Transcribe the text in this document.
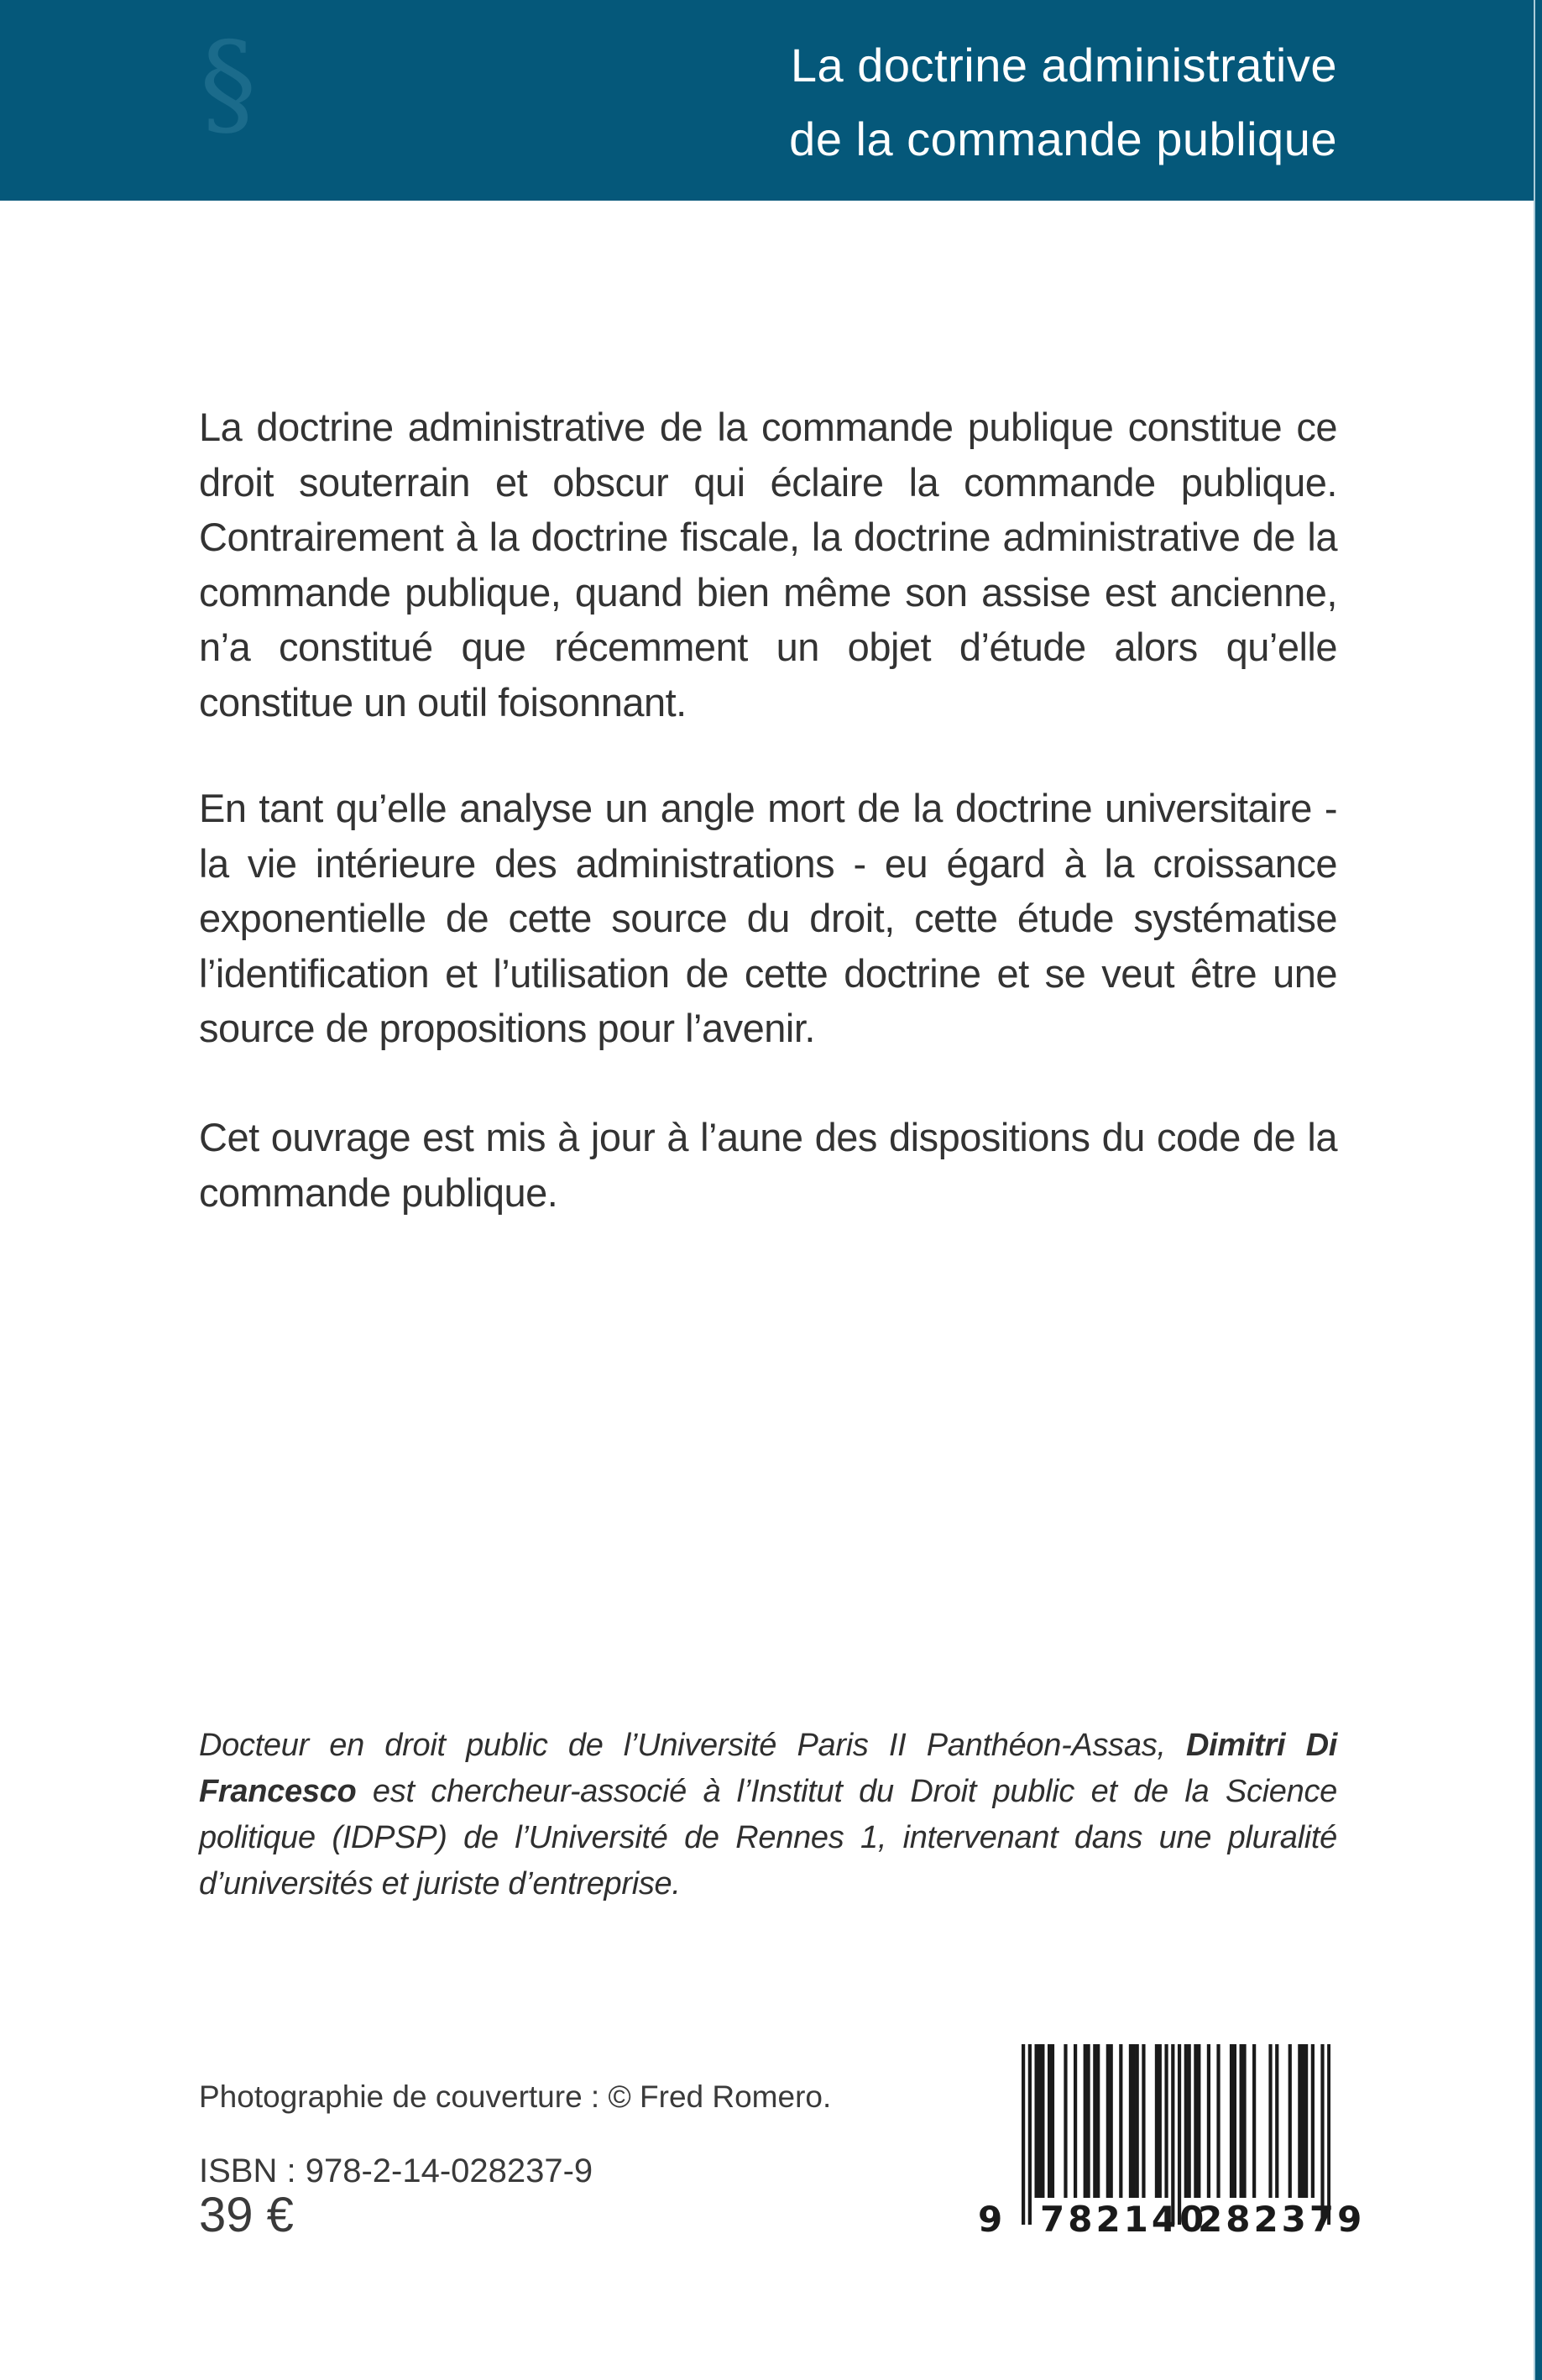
§	La doctrine administrative
de la commande publique

La doctrine administrative de la commande publique constitue ce droit souterrain et obscur qui éclaire la commande publique. Contrairement à la doctrine fiscale, la doctrine administrative de la commande publique, quand bien même son assise est ancienne, n’a constitué que récemment un objet d’étude alors qu’elle constitue un outil foisonnant.

En tant qu’elle analyse un angle mort de la doctrine universitaire - la vie intérieure des administrations - eu égard à la croissance exponentielle de cette source du droit, cette étude systématise l’identification et l’utilisation de cette doctrine et se veut être une source de propositions pour l’avenir.

Cet ouvrage est mis à jour à l’aune des dispositions du code de la commande publique.

Docteur en droit public de l’Université Paris II Panthéon-Assas, Dimitri Di Francesco est chercheur-associé à l’Institut du Droit public et de la Science politique (IDPSP) de l’Université de Rennes 1, intervenant dans une pluralité d’universités et juriste d’entreprise.

Photographie de couverture : © Fred Romero.

ISBN : 978-2-14-028237-9

39 €	9 782140
282379
